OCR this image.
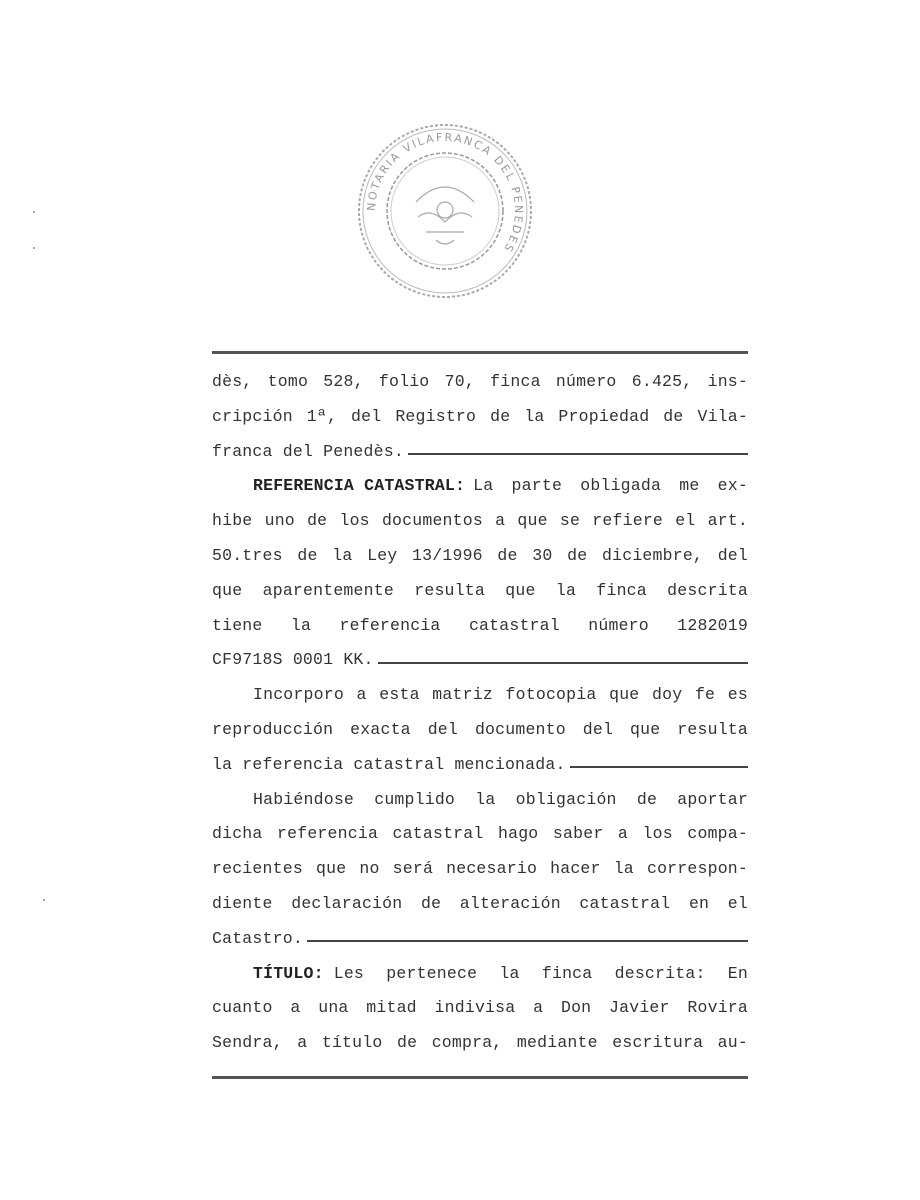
NOTARIA VILAFRANCA DEL PENEDES
dès, tomo 528, folio 70, finca número 6.425, ins-
cripción 1ª, del Registro de la Propiedad de Vila-
franca del Penedès.
REFERENCIA CATASTRAL: La parte obligada me ex-
hibe uno de los documentos a que se refiere el art.
50.tres de la Ley 13/1996 de 30 de diciembre, del
que aparentemente resulta que la finca descrita
tiene la referencia catastral número 1282019
CF9718S 0001 KK.
Incorporo a esta matriz fotocopia que doy fe es
reproducción exacta del documento del que resulta
la referencia catastral mencionada.
Habiéndose cumplido la obligación de aportar
dicha referencia catastral hago saber a los compa-
recientes que no será necesario hacer la correspon-
diente declaración de alteración catastral en el
Catastro.
TÍTULO: Les pertenece la finca descrita: En
cuanto a una mitad indivisa a Don Javier Rovira
Sendra, a título de compra, mediante escritura au-
